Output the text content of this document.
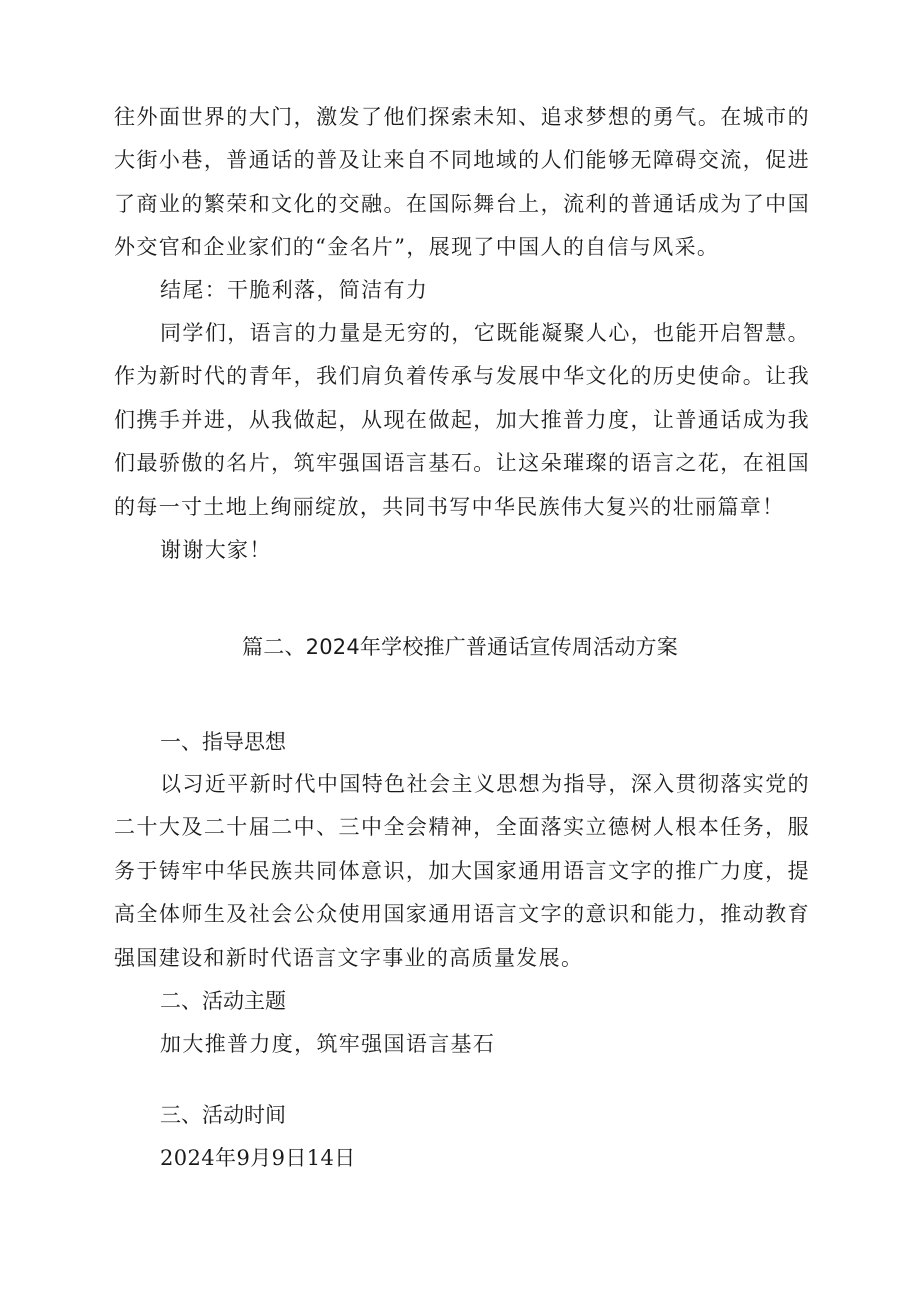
往外面世界的大门，激发了他们探索未知、追求梦想的勇气。在城市的大街小巷，普通话的普及让来自不同地域的人们能够无障碍交流，促进了商业的繁荣和文化的交融。在国际舞台上，流利的普通话成为了中国外交官和企业家们的“金名片”，展现了中国人的自信与风采。

结尾：干脆利落，简洁有力

同学们，语言的力量是无穷的，它既能凝聚人心，也能开启智慧。作为新时代的青年，我们肩负着传承与发展中华文化的历史使命。让我们携手并进，从我做起，从现在做起，加大推普力度，让普通话成为我们最骄傲的名片，筑牢强国语言基石。让这朵璀璨的语言之花，在祖国的每一寸土地上绚丽绽放，共同书写中华民族伟大复兴的壮丽篇章！

谢谢大家！

篇二、2024年学校推广普通话宣传周活动方案
一、指导思想

以习近平新时代中国特色社会主义思想为指导，深入贯彻落实党的二十大及二十届二中、三中全会精神，全面落实立德树人根本任务，服务于铸牢中华民族共同体意识，加大国家通用语言文字的推广力度，提高全体师生及社会公众使用国家通用语言文字的意识和能力，推动教育强国建设和新时代语言文字事业的高质量发展。

二、活动主题

加大推普力度，筑牢强国语言基石

三、活动时间

2024年9月9日14日
